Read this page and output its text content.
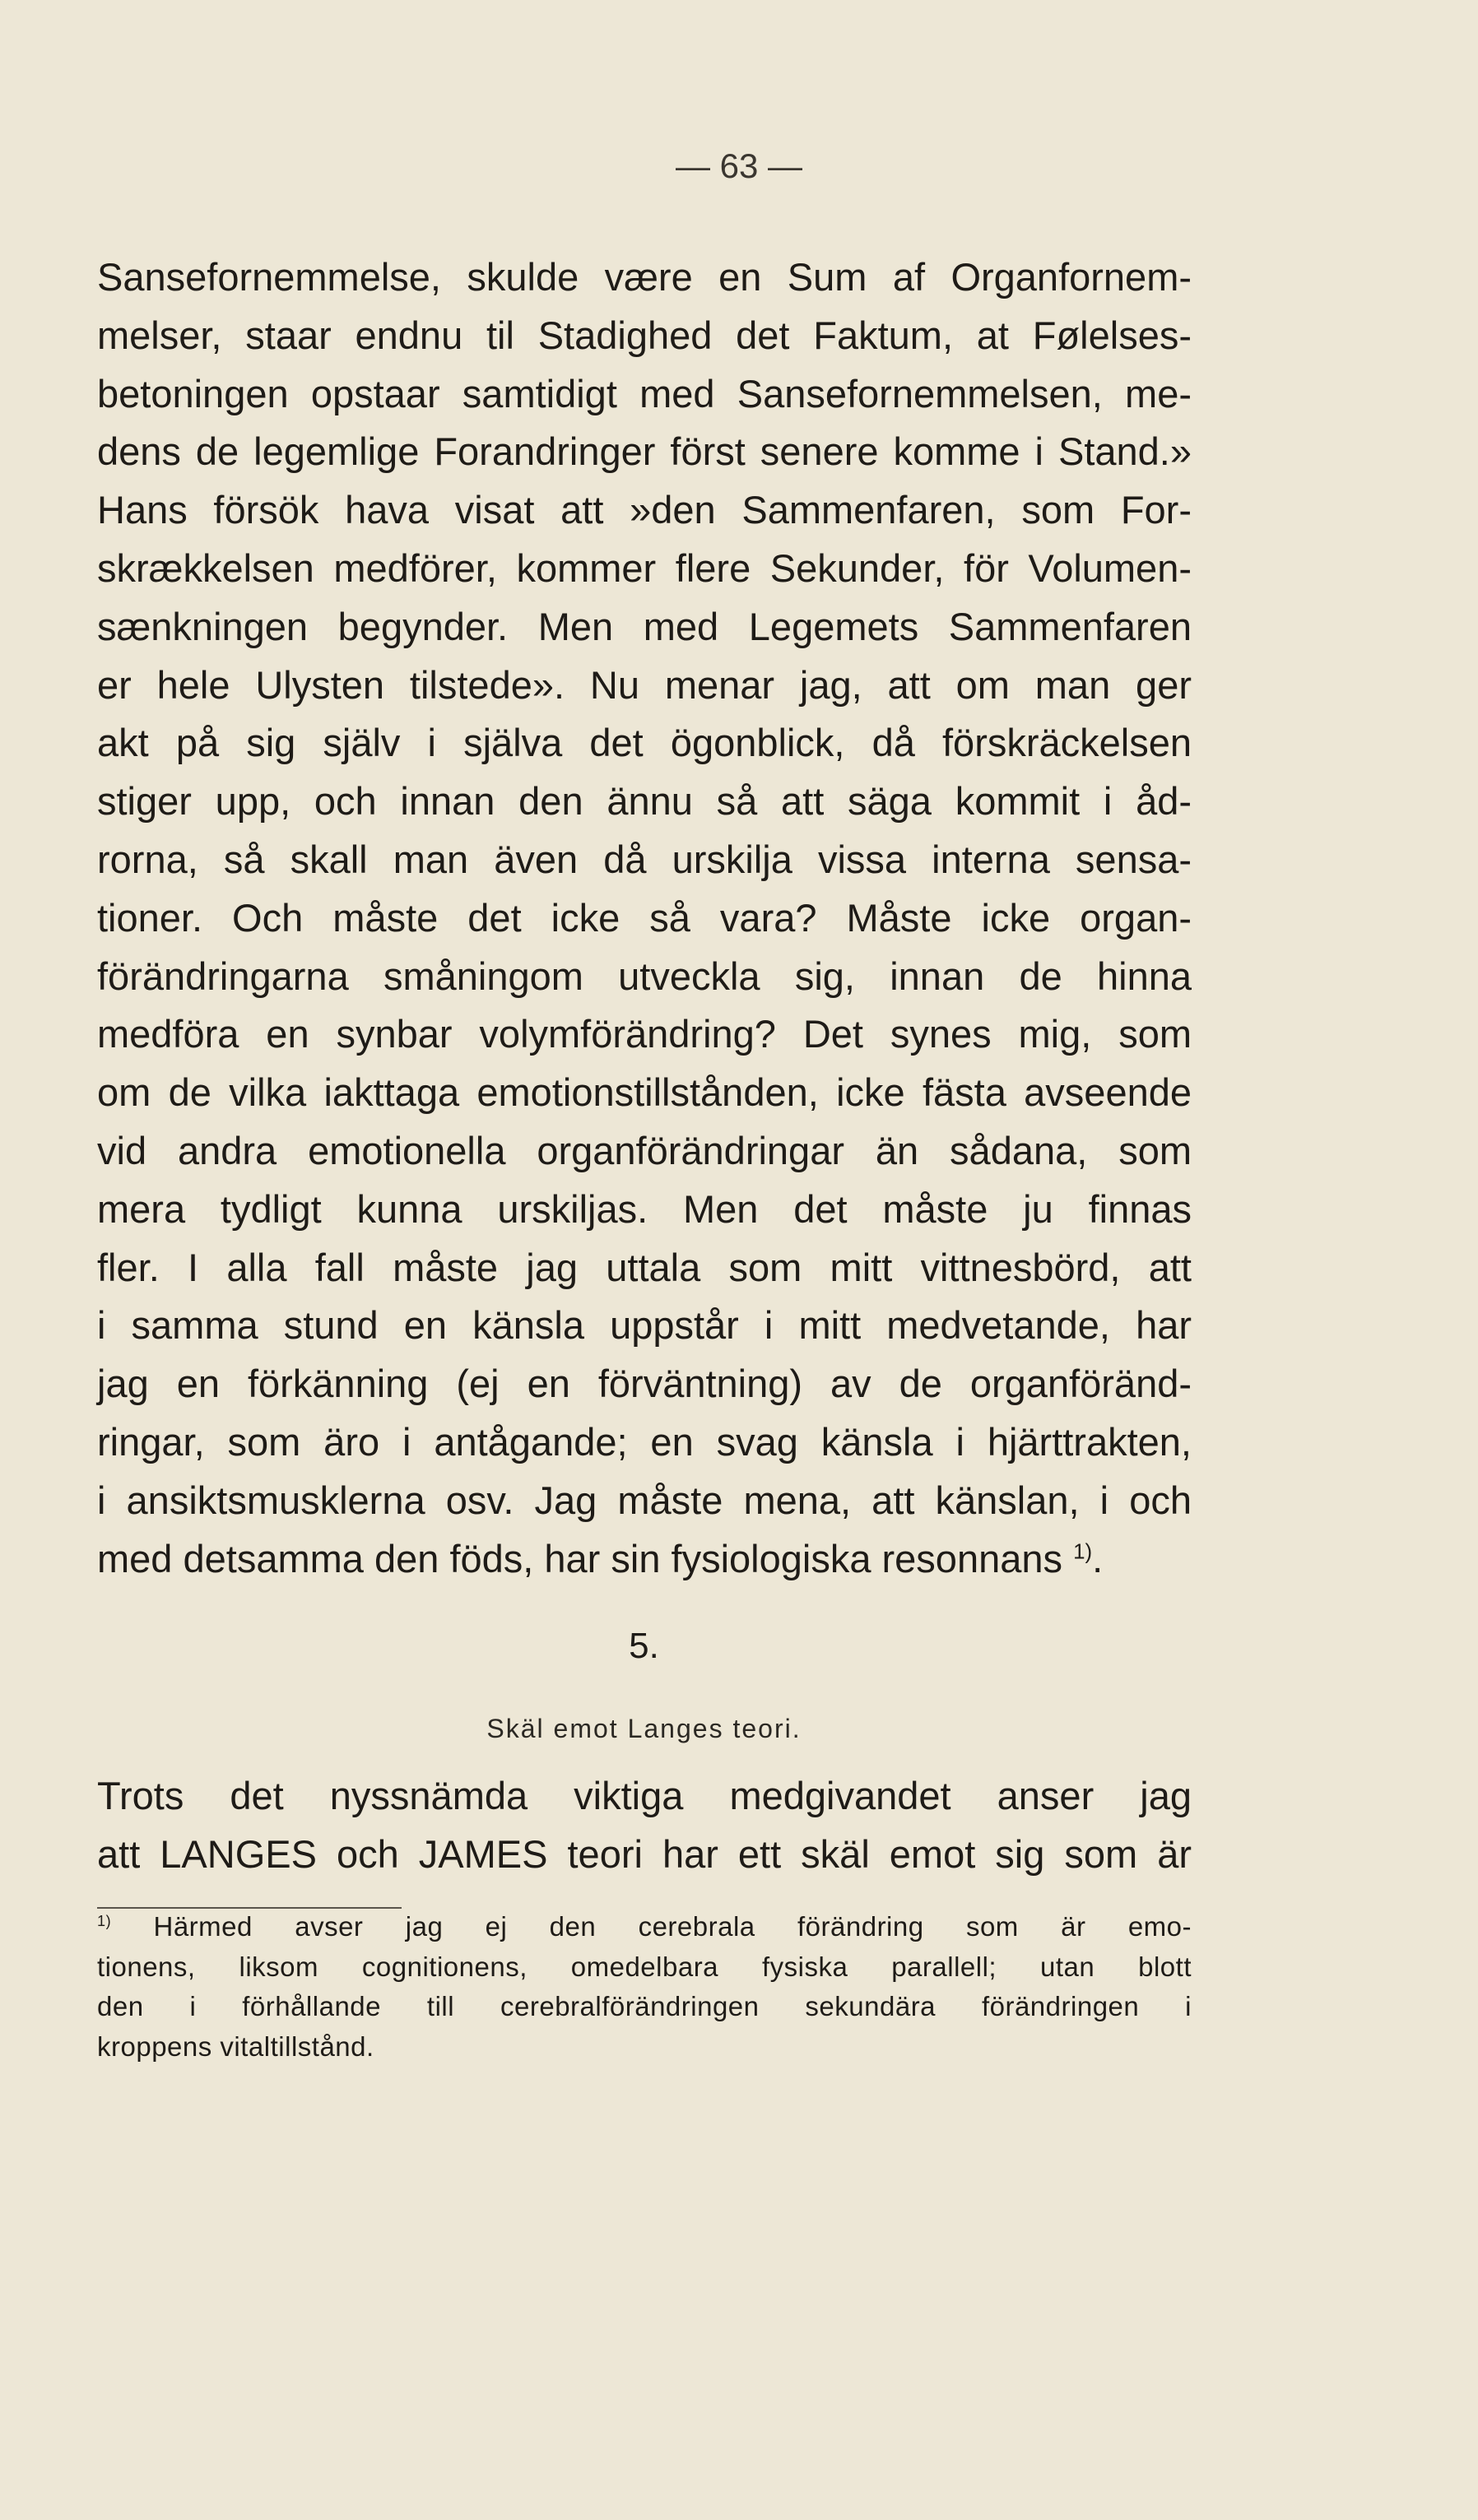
— 63 —
Sansefornemmelse, skulde være en Sum af Organfornem-
melser, staar endnu til Stadighed det Faktum, at Følelses-
betoningen opstaar samtidigt med Sansefornemmelsen, me-
dens de legemlige Forandringer först senere komme i Stand.»
Hans försök hava visat att »den Sammenfaren, som For-
skrækkelsen medförer, kommer flere Sekunder, för Volumen-
sænkningen begynder. Men med Legemets Sammenfaren
er hele Ulysten tilstede». Nu menar jag, att om man ger
akt på sig själv i själva det ögonblick, då förskräckelsen
stiger upp, och innan den ännu så att säga kommit i åd-
rorna, så skall man även då urskilja vissa interna sensa-
tioner. Och måste det icke så vara? Måste icke organ-
förändringarna småningom utveckla sig, innan de hinna
medföra en synbar volymförändring? Det synes mig, som
om de vilka iakttaga emotionstillstånden, icke fästa avseende
vid andra emotionella organförändringar än sådana, som
mera tydligt kunna urskiljas. Men det måste ju finnas
fler. I alla fall måste jag uttala som mitt vittnesbörd, att
i samma stund en känsla uppstår i mitt medvetande, har
jag en förkänning (ej en förväntning) av de organföränd-
ringar, som äro i antågande; en svag känsla i hjärttrakten,
i ansiktsmusklerna osv. Jag måste mena, att känslan, i och
med detsamma den föds, har sin fysiologiska resonnans $^{1)}$.
5.
Skäl emot Langes teori.
Trots det nyssnämda viktiga medgivandet anser jag
att LANGES och JAMES teori har ett skäl emot sig som är
$^{1)}$ Härmed avser jag ej den cerebrala förändring som är emo-
tionens, liksom cognitionens, omedelbara fysiska parallell; utan blott
den i förhållande till cerebralförändringen sekundära förändringen i
kroppens vitaltillstånd.
